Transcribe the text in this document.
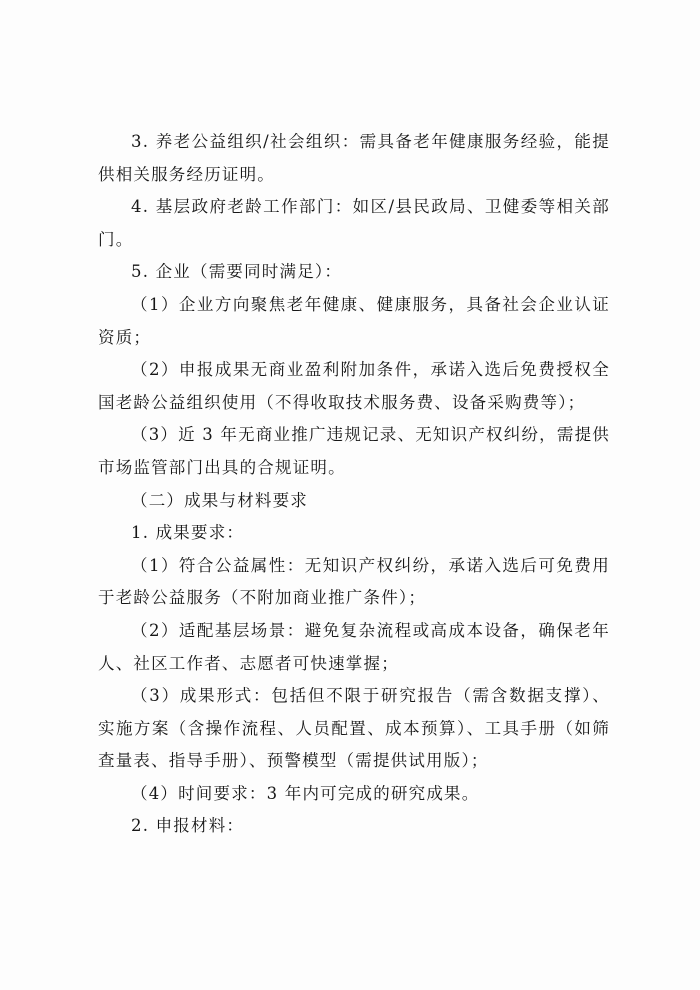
3. 养老公益组织/社会组织：需具备老年健康服务经验，能提供相关服务经历证明。

4. 基层政府老龄工作部门：如区/县民政局、卫健委等相关部门。

5. 企业（需要同时满足）：

（1）企业方向聚焦老年健康、健康服务，具备社会企业认证资质；

（2）申报成果无商业盈利附加条件，承诺入选后免费授权全国老龄公益组织使用（不得收取技术服务费、设备采购费等）；

（3）近 3 年无商业推广违规记录、无知识产权纠纷，需提供市场监管部门出具的合规证明。

（二）成果与材料要求

1. 成果要求：

（1）符合公益属性：无知识产权纠纷，承诺入选后可免费用于老龄公益服务（不附加商业推广条件）；

（2）适配基层场景：避免复杂流程或高成本设备，确保老年人、社区工作者、志愿者可快速掌握；

（3）成果形式：包括但不限于研究报告（需含数据支撑）、实施方案（含操作流程、人员配置、成本预算）、工具手册（如筛查量表、指导手册）、预警模型（需提供试用版）；

（4）时间要求：3 年内可完成的研究成果。

2. 申报材料：
